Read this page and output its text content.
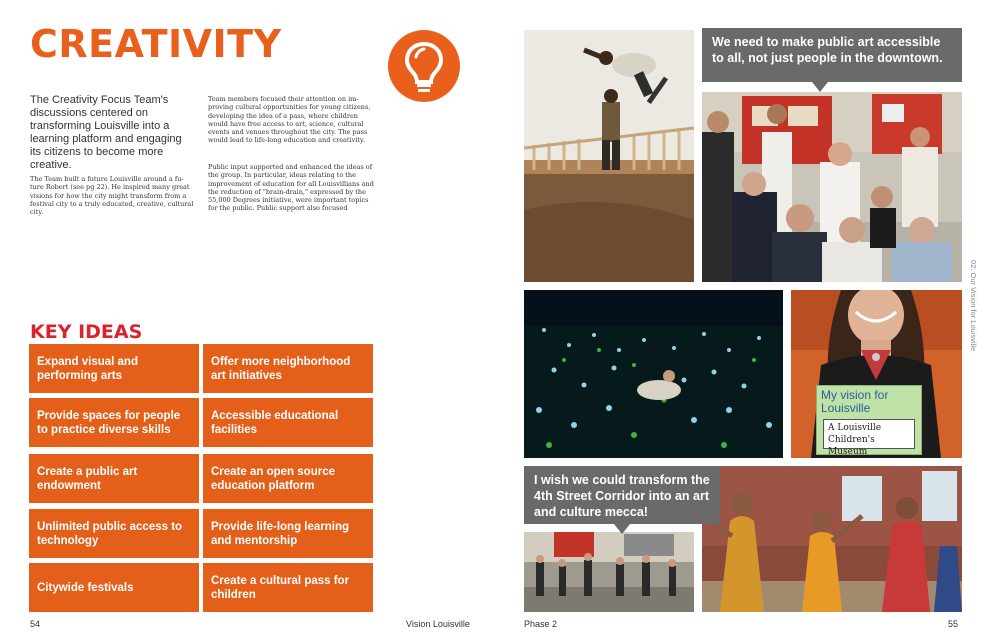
CREATIVITY
The Creativity Focus Team's discussions centered on transforming Louisville into a learning platform and engaging its citizens to become more creative.
The Team built a future Louisville around a fu-ture Robert (see pg 22). He inspired many great visions for how the city might transform from a festival city to a truly educated, creative, cultural city.
Team members focused their attention on im-proving cultural opportunities for young citizens, developing the idea of a pass, where children would have free access to art, science, cultural events and venues throughout the city. The pass would lead to life-long education and creativity.
Public input supported and enhanced the ideas of the group. In particular, ideas relating to the improvement of education for all Louisvillians and the reduction of "brain-drain," expressed by the 55,000 Degrees initiative, were important topics for the public. Public support also focused
KEY IDEAS
Expand visual and performing arts
Offer more neighborhood art initiatives
Provide spaces for people to practice diverse skills
Accessible educational facilities
Create a public art endowment
Create an open source education platform
Unlimited public access to technology
Provide life-long learning and mentorship
Citywide festivals
Create a cultural pass for children
54	Vision Louisville
My vision for Louisville
A Louisville Children's Museum
We need to make public art accessible to all, not just people in the downtown.
I wish we could transform the 4th Street Corridor into an art and culture mecca!
02: Our Vision for Louisville
Phase 2	55
